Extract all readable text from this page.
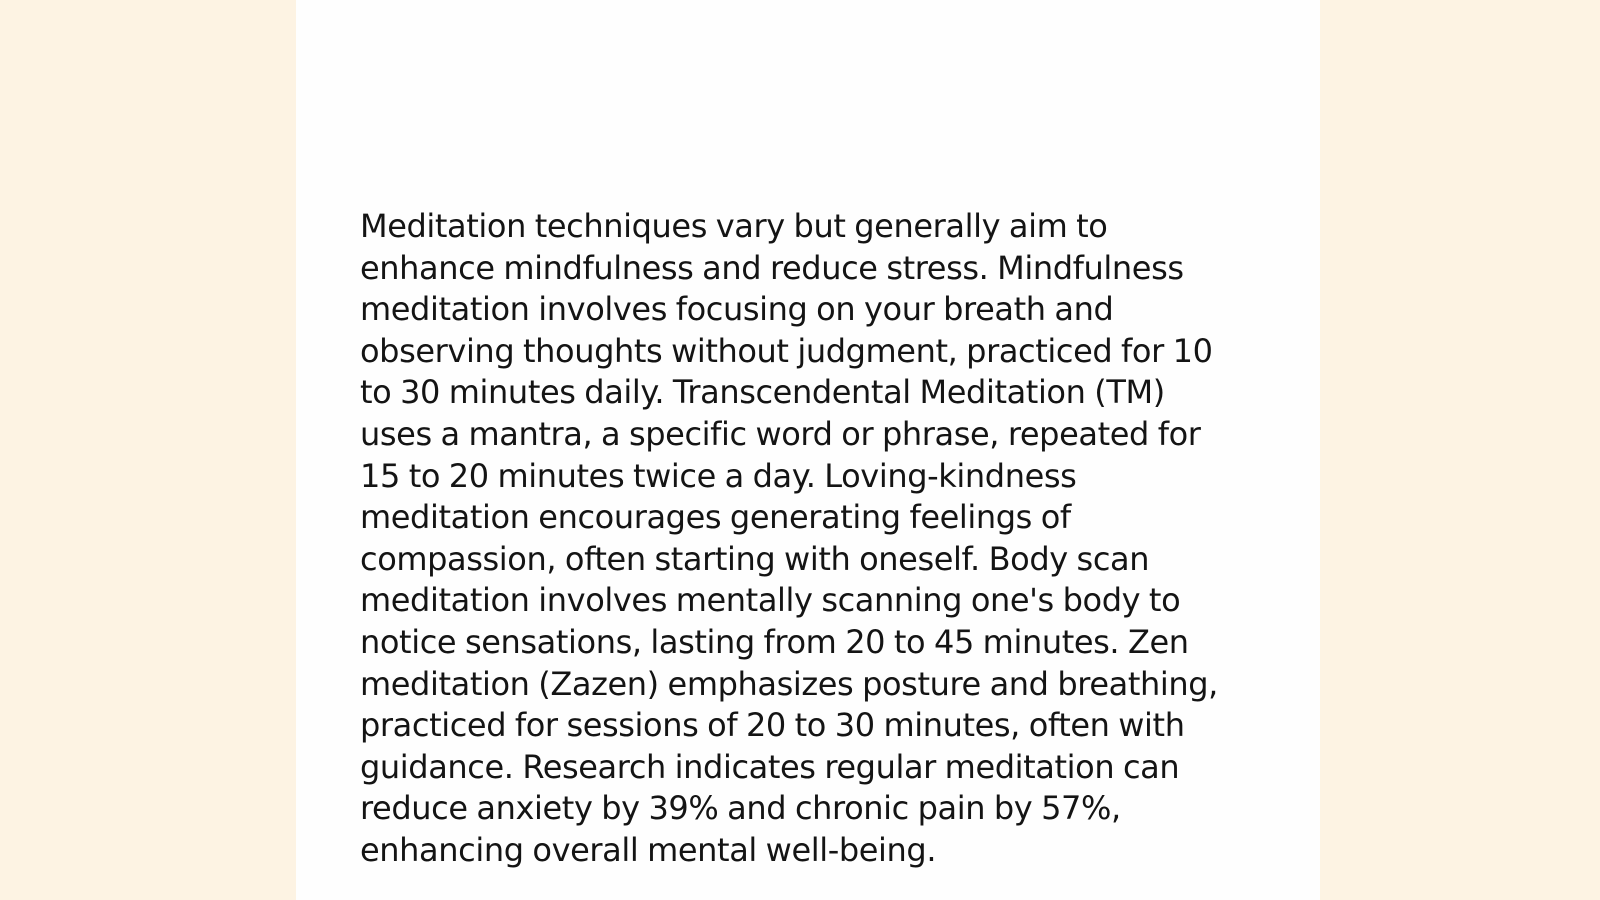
Meditation techniques vary but generally aim to enhance mindfulness and reduce stress. Mindfulness meditation involves focusing on your breath and observing thoughts without judgment, practiced for 10 to 30 minutes daily. Transcendental Meditation (TM) uses a mantra, a specific word or phrase, repeated for 15 to 20 minutes twice a day. Loving-kindness meditation encourages generating feelings of compassion, often starting with oneself. Body scan meditation involves mentally scanning one's body to notice sensations, lasting from 20 to 45 minutes. Zen meditation (Zazen) emphasizes posture and breathing, practiced for sessions of 20 to 30 minutes, often with guidance. Research indicates regular meditation can reduce anxiety by 39% and chronic pain by 57%, enhancing overall mental well-being.
